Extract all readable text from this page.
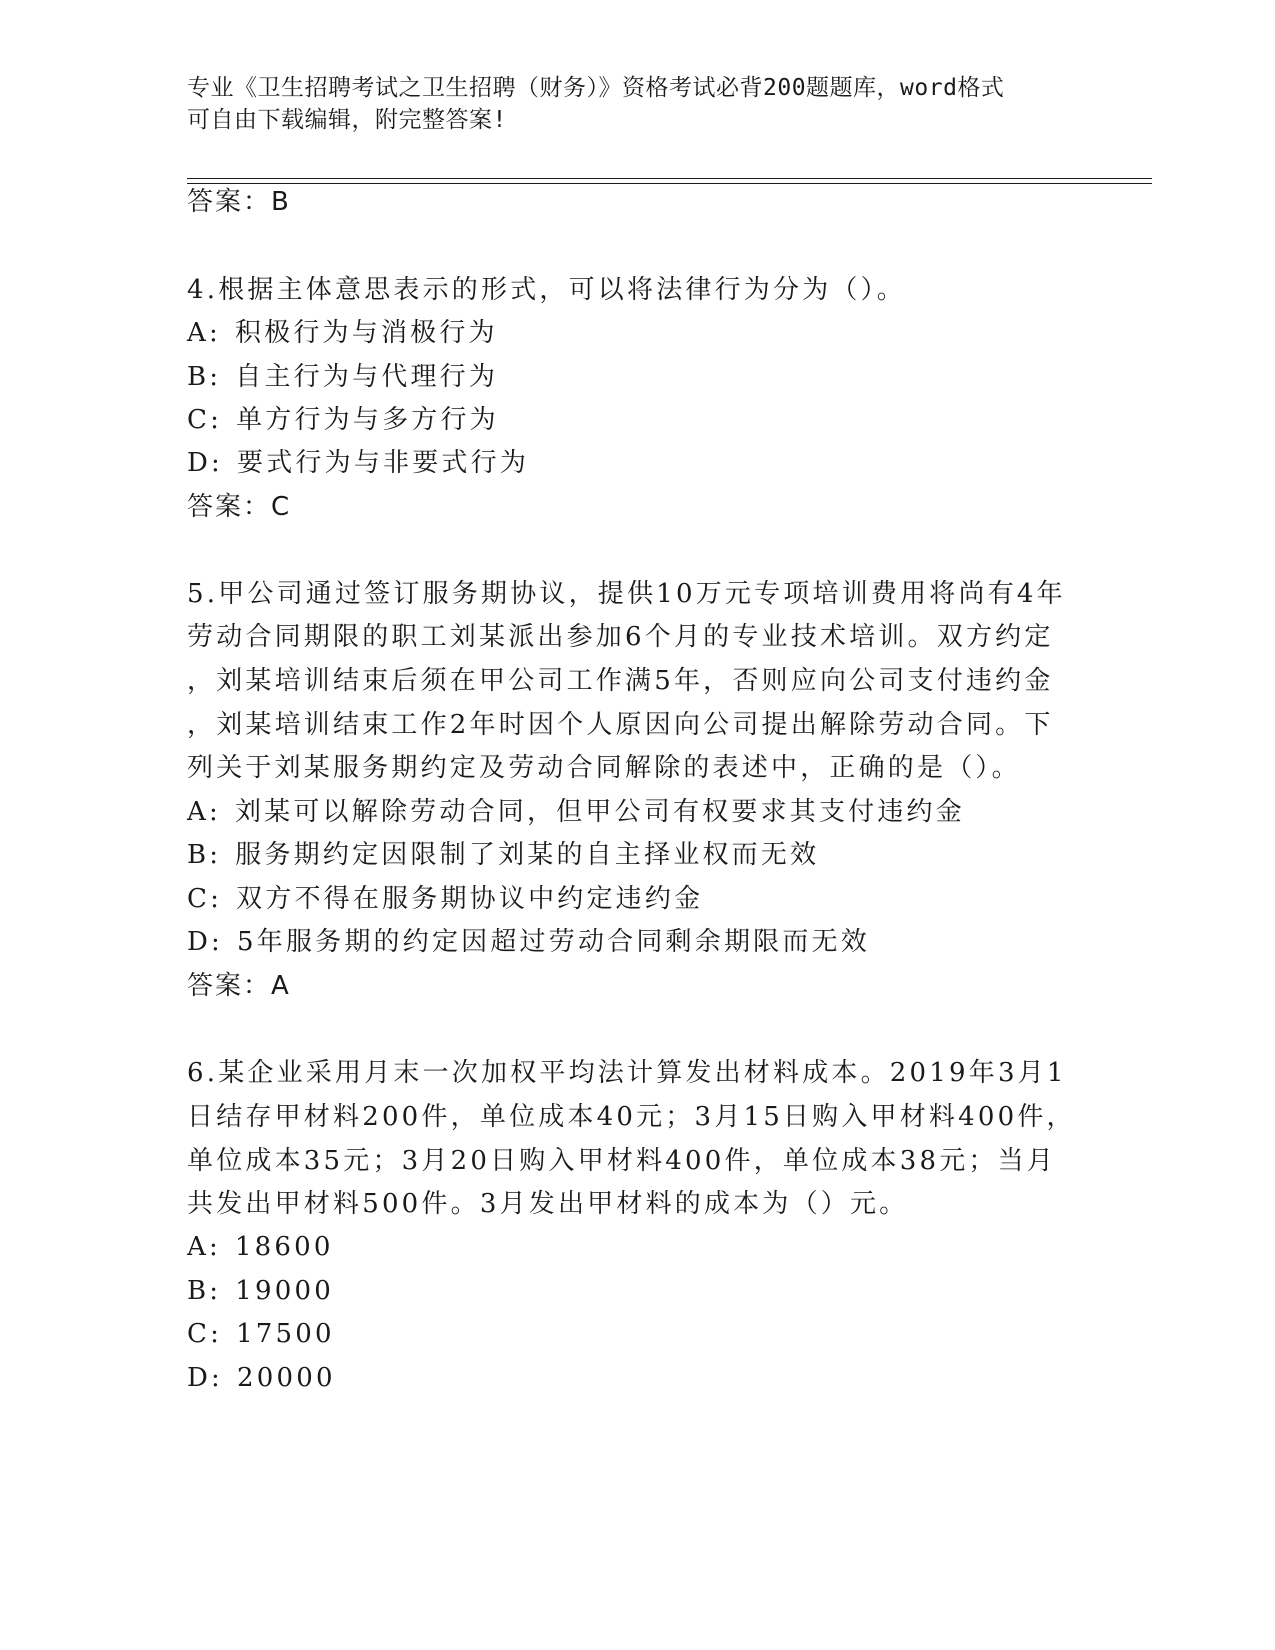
专业《卫生招聘考试之卫生招聘（财务）》资格考试必背200题题库，word格式
可自由下载编辑，附完整答案!
答案：B
4.根据主体意思表示的形式，可以将法律行为分为（）。
A: 积极行为与消极行为
B: 自主行为与代理行为
C: 单方行为与多方行为
D: 要式行为与非要式行为
答案：C
5.甲公司通过签订服务期协议，提供10万元专项培训费用将尚有4年
劳动合同期限的职工刘某派出参加6个月的专业技术培训。双方约定
，刘某培训结束后须在甲公司工作满5年，否则应向公司支付违约金
，刘某培训结束工作2年时因个人原因向公司提出解除劳动合同。下
列关于刘某服务期约定及劳动合同解除的表述中，正确的是（）。
A: 刘某可以解除劳动合同，但甲公司有权要求其支付违约金
B: 服务期约定因限制了刘某的自主择业权而无效
C: 双方不得在服务期协议中约定违约金
D: 5年服务期的约定因超过劳动合同剩余期限而无效
答案：A
6.某企业采用月末一次加权平均法计算发出材料成本。2019年3月1
日结存甲材料200件，单位成本40元；3月15日购入甲材料400件，
单位成本35元；3月20日购入甲材料400件，单位成本38元；当月
共发出甲材料500件。3月发出甲材料的成本为（）元。
A: 18600
B: 19000
C: 17500
D: 20000
